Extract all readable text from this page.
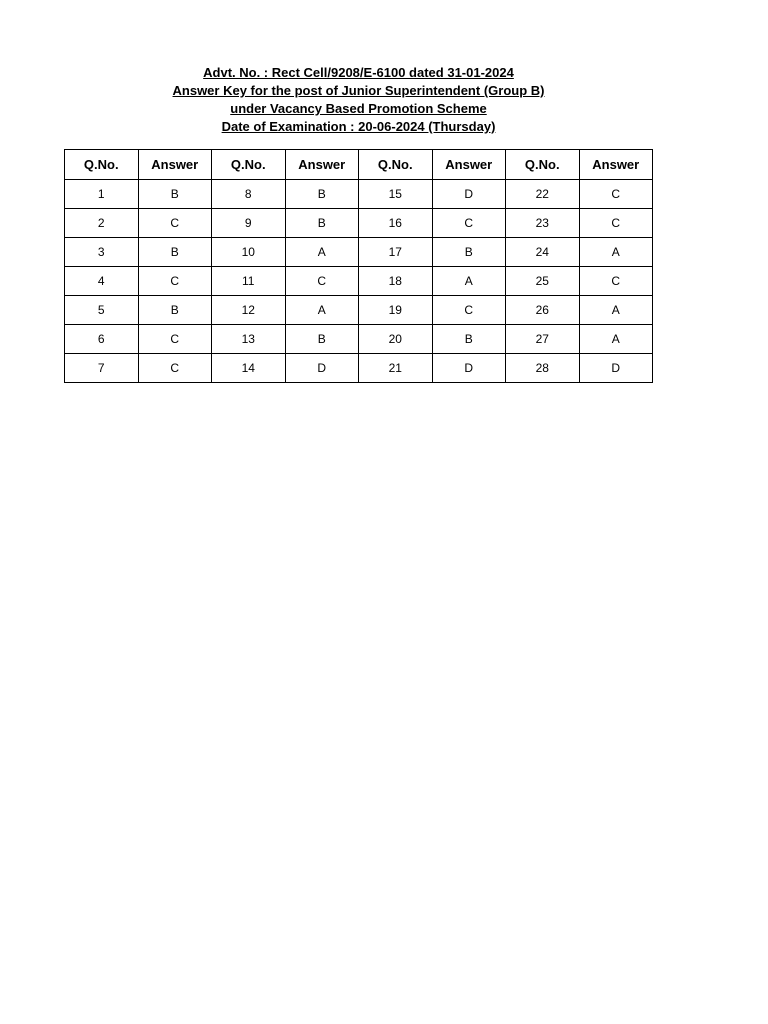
Advt. No. : Rect Cell/9208/E-6100 dated 31-01-2024
Answer Key for the post of Junior Superintendent (Group B)
under Vacancy Based Promotion Scheme
Date of Examination : 20-06-2024 (Thursday)
Q.No.	Answer	Q.No.	Answer	Q.No.	Answer	Q.No.	Answer
1	B	8	B	15	D	22	C
2	C	9	B	16	C	23	C
3	B	10	A	17	B	24	A
4	C	11	C	18	A	25	C
5	B	12	A	19	C	26	A
6	C	13	B	20	B	27	A
7	C	14	D	21	D	28	D
